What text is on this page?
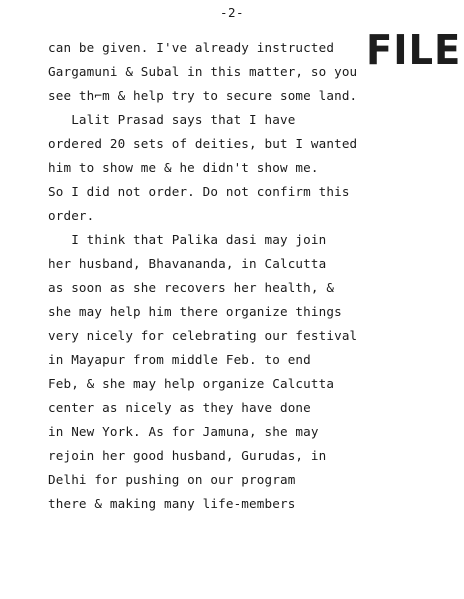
-2-
FILE
can be given. I've already instructed
Gargamuni & Subal in this matter, so you
see th⌐m & help try to secure some land.
Lalit Prasad says that I have
ordered 20 sets of deities, but I wanted
him to show me & he didn't show me.
So I did not order. Do not confirm this
order.
I think that Palika dasi may join
her husband, Bhavananda, in Calcutta
as soon as she recovers her health, &
she may help him there organize things
very nicely for celebrating our festival
in Mayapur from middle Feb. to end
Feb, & she may help organize Calcutta
center as nicely as they have done
in New York. As for Jamuna, she may
rejoin her good husband, Gurudas, in
Delhi for pushing on our program
there & making many life-members
